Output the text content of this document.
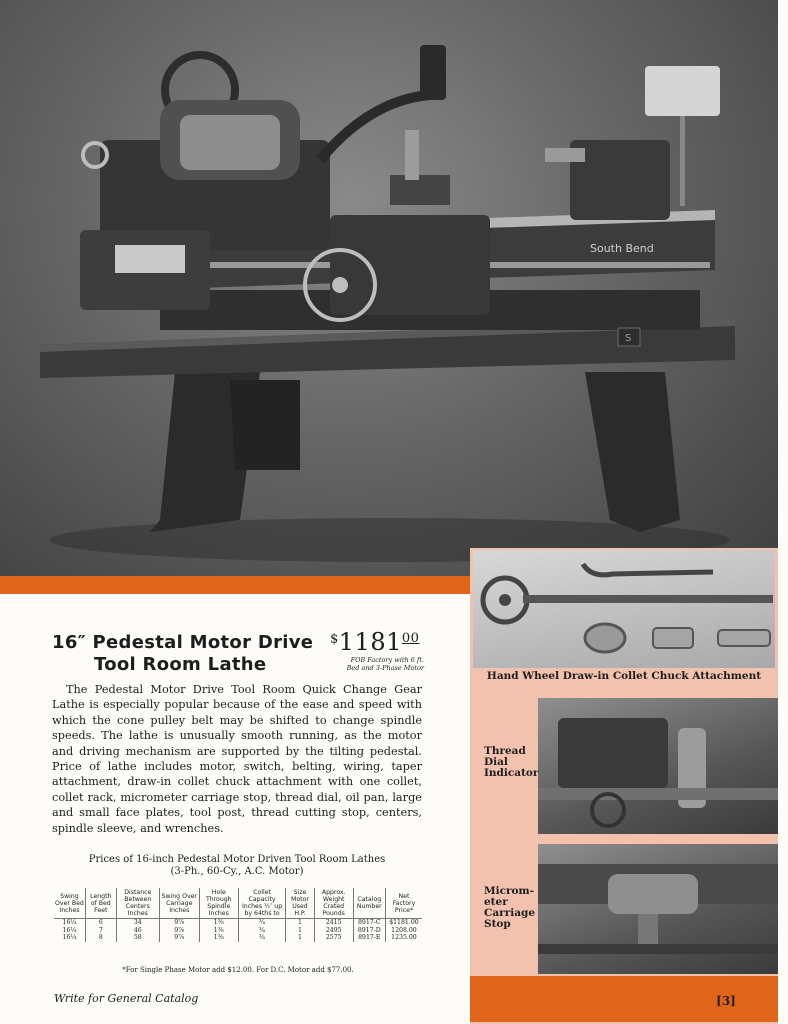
South Bend
S
16″ Pedestal Motor Drive
Tool Room Lathe
$1181$^{00}$
FOB Factory with 6 ft.
Bed and 3-Phase Motor
The Pedestal Motor Drive Tool Room Quick Change Gear Lathe is especially popular because of the ease and speed with which the cone pulley belt may be shifted to change spindle speeds. The lathe is unusually smooth running, as the motor and driving mechanism are supported by the tilting pedestal. Price of lathe includes motor, switch, belting, wiring, taper attachment, draw-in collet chuck attachment with one collet, collet rack, micrometer carriage stop, thread dial, oil pan, large and small face plates, tool post, thread cutting stop, centers, spindle sleeve, and wrenches.
Prices of 16-inch Pedestal Motor Driven Tool Room Lathes
(3-Ph., 60-Cy., A.C. Motor)
Swing Over Bed Inches	Length of Bed Feet	Distance Between Centers Inches	Swing Over Carriage Inches	Hole Through Spindle Inches	Collet Capacity Inches ½″ up by 64ths to	Size Motor Used H.P.	Approx. Weight Crated Pounds	Catalog Number	Net Factory Price*
16¼	6	34	9⅞	1⅜	¾	1	2415	8917-C	$1181.00
16¼	7	46	9⅞	1⅜	¾	1	2495	8917-D	1208.00
16¼	8	58	9⅞	1⅜	¾	1	2575	8917-E	1235.00
*For Single Phase Motor add $12.00. For D.C. Motor add $77.00.
Write for General Catalog
Hand Wheel Draw-in Collet Chuck Attachment
Thread Dial Indicator
Microm- eter Carriage Stop
[3]
